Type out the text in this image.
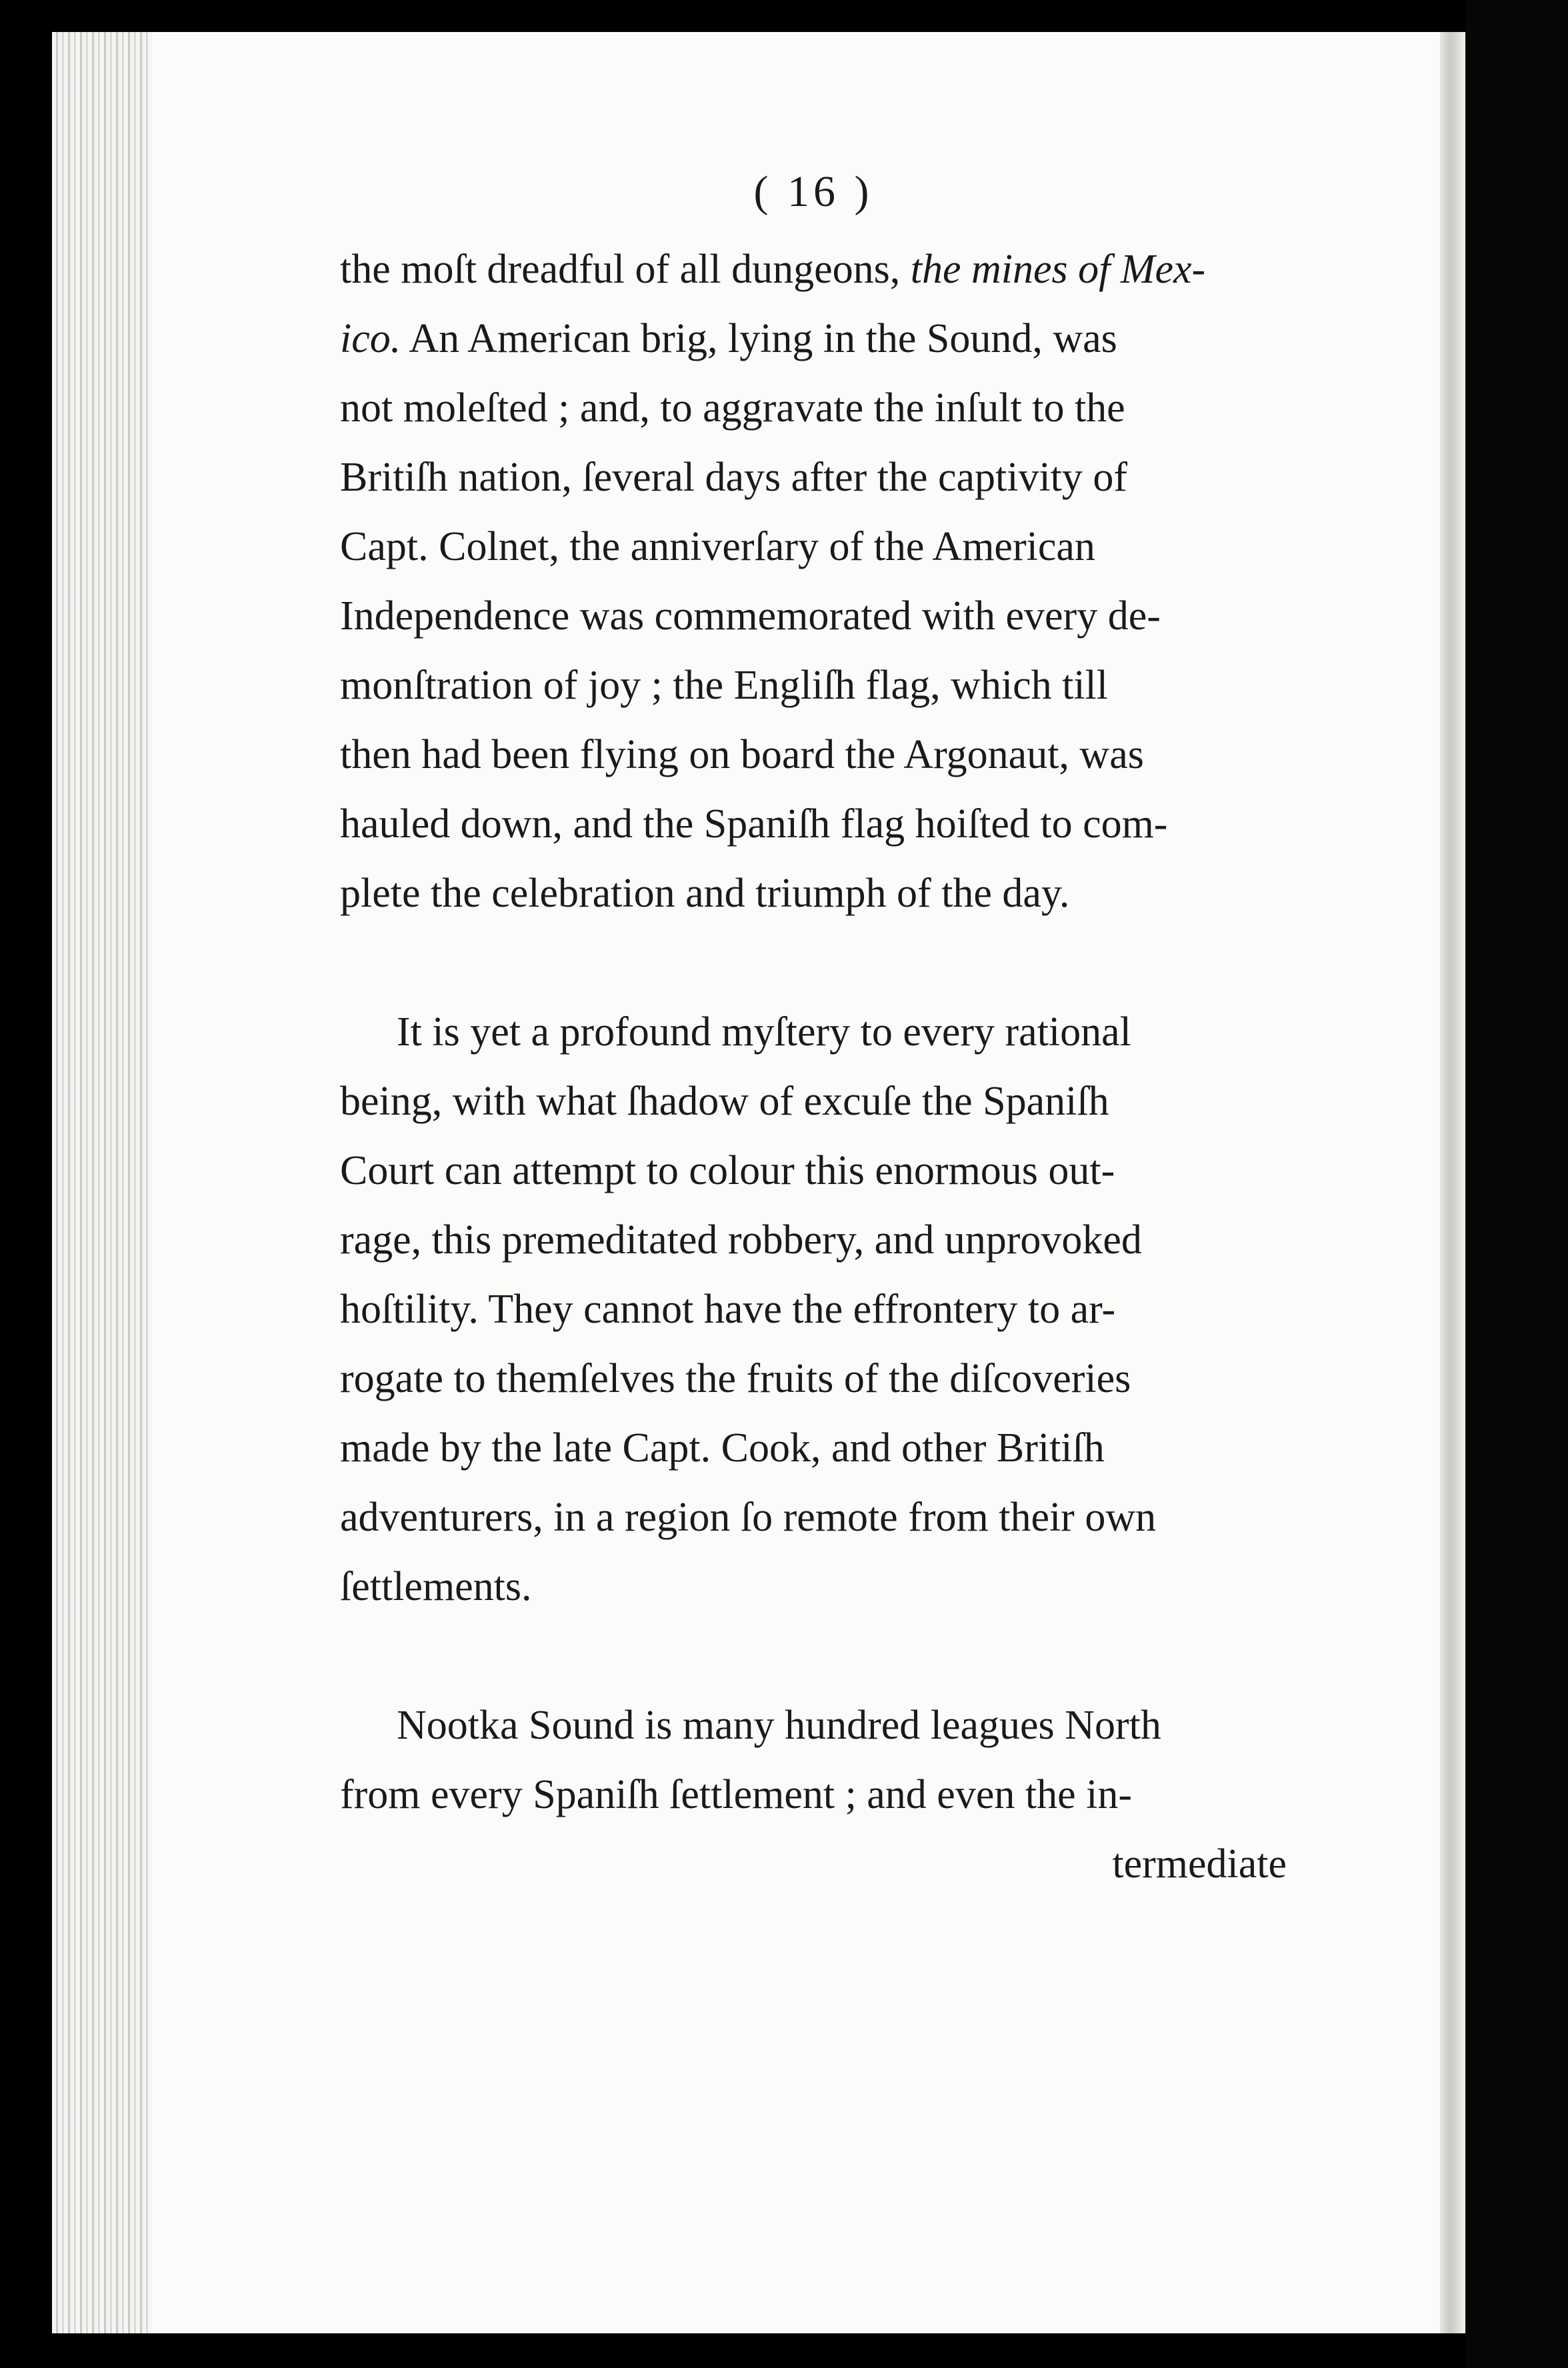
( 16 )

the moſt dreadful of all dungeons, the mines of Mex-
ico. An American brig, lying in the Sound, was
not moleſted ; and, to aggravate the inſult to the
Britiſh nation, ſeveral days after the captivity of
Capt. Colnet, the anniverſary of the American
Independence was commemorated with every de-
monſtration of joy ; the Engliſh flag, which till
then had been flying on board the Argonaut, was
hauled down, and the Spaniſh flag hoiſted to com-
plete the celebration and triumph of the day.

It is yet a profound myſtery to every rational
being, with what ſhadow of excuſe the Spaniſh
Court can attempt to colour this enormous out-
rage, this premeditated robbery, and unprovoked
hoſtility. They cannot have the effrontery to ar-
rogate to themſelves the fruits of the diſcoveries
made by the late Capt. Cook, and other Britiſh
adventurers, in a region ſo remote from their own
ſettlements.

Nootka Sound is many hundred leagues North
from every Spaniſh ſettlement ; and even the in-

termediate
